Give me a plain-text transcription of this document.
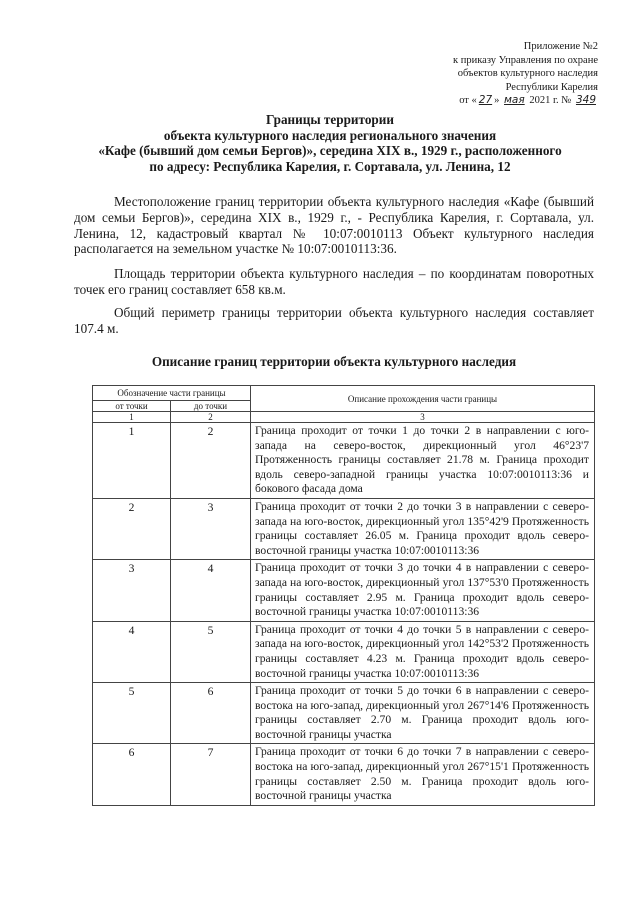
Приложение №2
к приказу Управления по охране
объектов культурного наследия
Республики Карелия
от « 27 » мая 2021 г. № 349
Границы территории
объекта культурного наследия регионального значения
«Кафе (бывший дом семьи Бергов)», середина XIX в., 1929 г., расположенного
по адресу: Республика Карелия, г. Сортавала, ул. Ленина, 12
Местоположение границ территории объекта культурного наследия «Кафе (бывший дом семьи Бергов)», середина XIX в., 1929 г., - Республика Карелия, г. Сортавала, ул. Ленина, 12, кадастровый квартал № 10:07:0010113 Объект культурного наследия располагается на земельном участке № 10:07:0010113:36.
Площадь территории объекта культурного наследия – по координатам поворотных точек его границ составляет 658 кв.м.
Общий периметр границы территории объекта культурного наследия составляет 107.4 м.
Описание границ территории объекта культурного наследия
Обозначение части границы		Описание прохождения части границы
от точки	до точки	
1	2	3
1	2	Граница проходит от точки 1 до точки 2 в направлении с юго-запада на северо-восток, дирекционный угол 46°23'7 Протяженность границы составляет 21.78 м. Граница проходит вдоль северо-западной границы участка 10:07:0010113:36 и бокового фасада дома
2	3	Граница проходит от точки 2 до точки 3 в направлении с северо-запада на юго-восток, дирекционный угол 135°42'9 Протяженность границы составляет 26.05 м. Граница проходит вдоль северо-восточной границы участка 10:07:0010113:36
3	4	Граница проходит от точки 3 до точки 4 в направлении с северо-запада на юго-восток, дирекционный угол 137°53'0 Протяженность границы составляет 2.95 м. Граница проходит вдоль северо-восточной границы участка 10:07:0010113:36
4	5	Граница проходит от точки 4 до точки 5 в направлении с северо-запада на юго-восток, дирекционный угол 142°53'2 Протяженность границы составляет 4.23 м. Граница проходит вдоль северо-восточной границы участка 10:07:0010113:36
5	6	Граница проходит от точки 5 до точки 6 в направлении с северо-востока на юго-запад, дирекционный угол 267°14'6 Протяженность границы составляет 2.70 м. Граница проходит вдоль юго-восточной границы участка
6	7	Граница проходит от точки 6 до точки 7 в направлении с северо-востока на юго-запад, дирекционный угол 267°15'1 Протяженность границы составляет 2.50 м. Граница проходит вдоль юго-восточной границы участка
